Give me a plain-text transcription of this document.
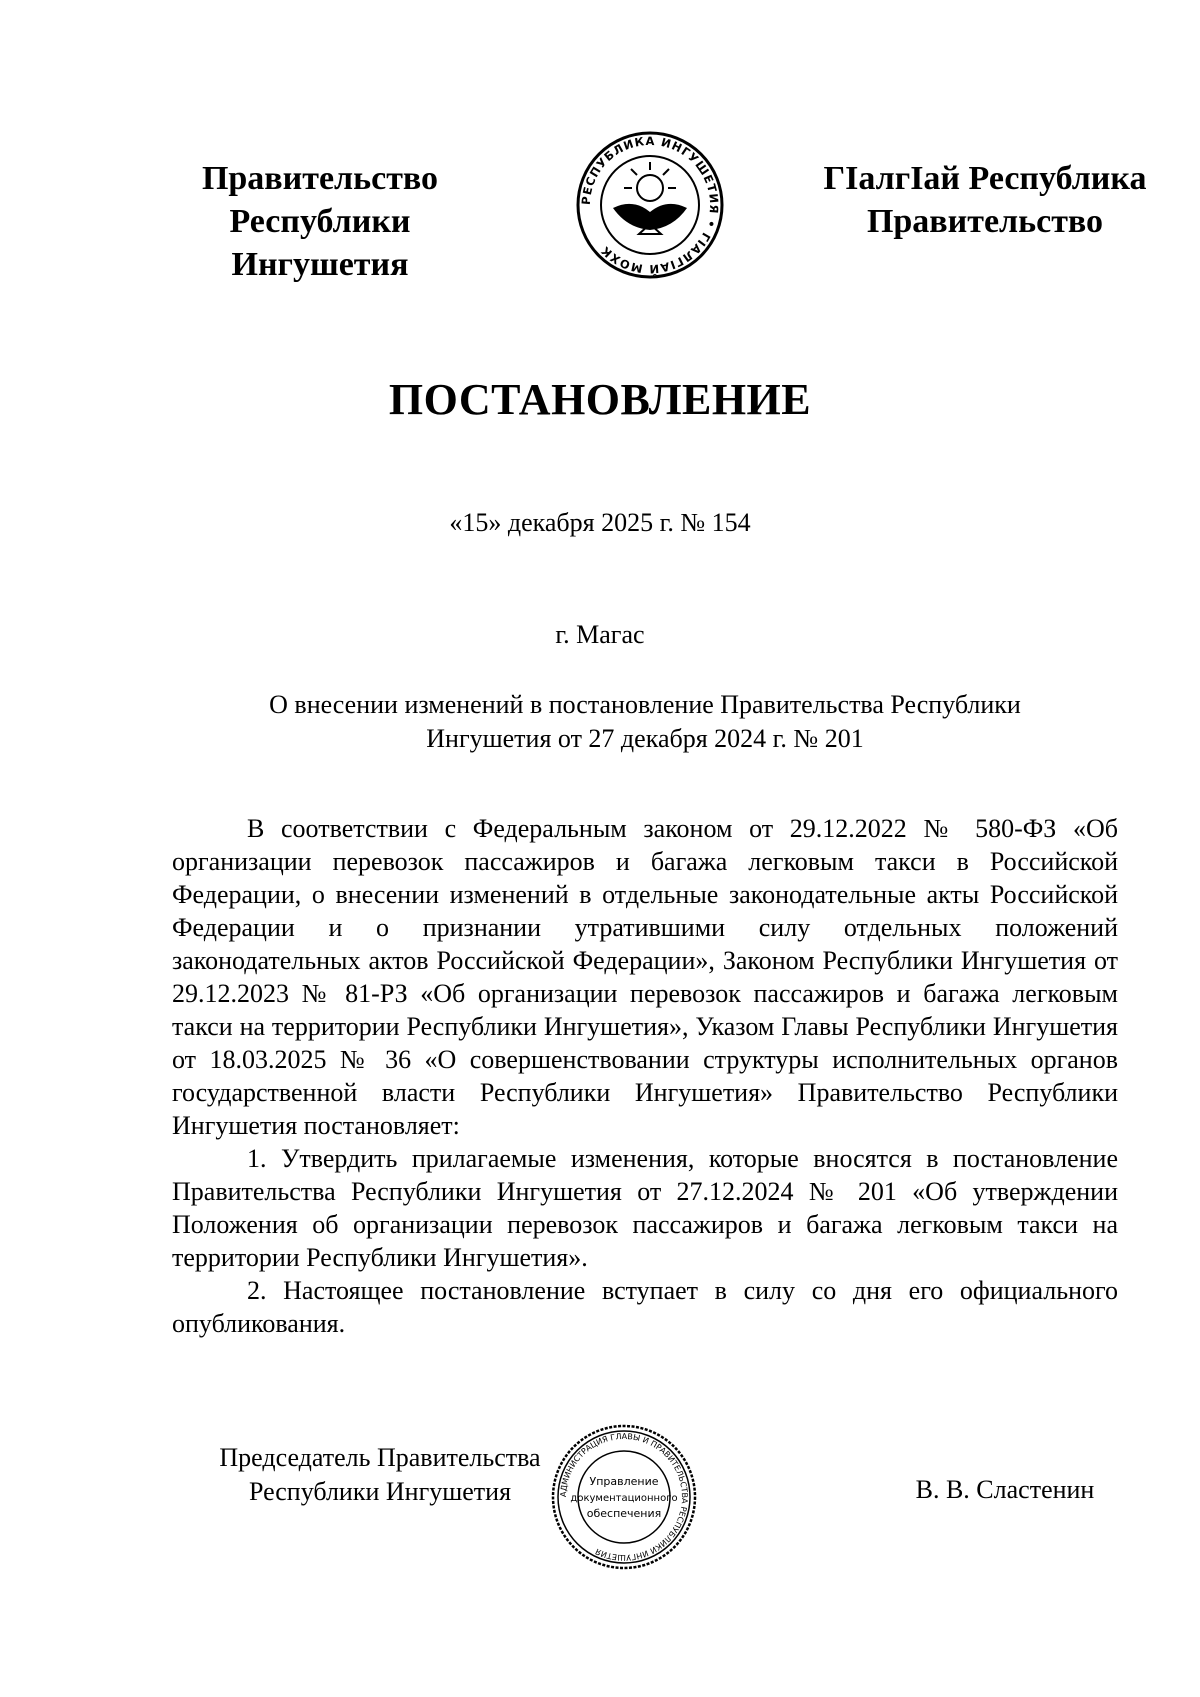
Правительство
Республики
Ингушетия
РЕСПУБЛИКА ИНГУШЕТИЯ • ГIАЛГIАЙ МОХК
ГIалгIай Республика
Правительство
ПОСТАНОВЛЕНИЕ
«15» декабря 2025 г. № 154
г. Магас
О внесении изменений в постановление Правительства Республики
Ингушетия от 27 декабря 2024 г. № 201

В соответствии с Федеральным законом от 29.12.2022 № 580-ФЗ «Об организации перевозок пассажиров и багажа легковым такси в Российской Федерации, о внесении изменений в отдельные законодательные акты Российской Федерации и о признании утратившими силу отдельных положений законодательных актов Российской Федерации», Законом Республики Ингушетия от 29.12.2023 № 81-РЗ «Об организации перевозок пассажиров и багажа легковым такси на территории Республики Ингушетия», Указом Главы Республики Ингушетия от 18.03.2025 № 36 «О совершенствовании структуры исполнительных органов государственной власти Республики Ингушетия» Правительство Республики Ингушетия постановляет:

1. Утвердить прилагаемые изменения, которые вносятся в постановление Правительства Республики Ингушетия от 27.12.2024 № 201 «Об утверждении Положения об организации перевозок пассажиров и багажа легковым такси на территории Республики Ингушетия».

2. Настоящее постановление вступает в силу со дня его официального опубликования.

Председатель Правительства
Республики Ингушетия	АДМИНИСТРАЦИЯ ГЛАВЫ И ПРАВИТЕЛЬСТВА РЕСПУБЛИКИ ИНГУШЕТИЯ
Управление
документационного
обеспечения
В. В. Сластенин
